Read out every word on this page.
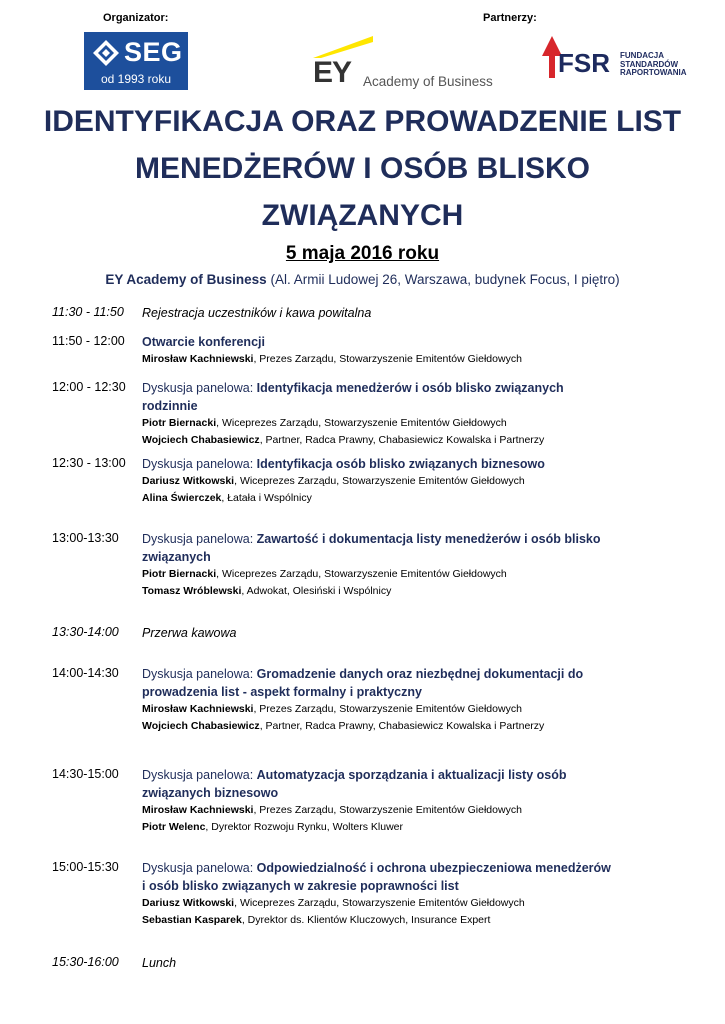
Organizator:	Partnerzy:
SEG
od 1993 roku	EY Academy of Business
FSR FUNDACJA
STANDARDÓW
RAPORTOWANIA
IDENTYFIKACJA ORAZ PROWADZENIE LIST MENEDŻERÓW I OSÓB BLISKO ZWIĄZANYCH
5 maja 2016 roku
EY Academy of Business (Al. Armii Ludowej 26, Warszawa, budynek Focus, I piętro)
11:30 - 11:50 Rejestracja uczestników i kawa powitalna
11:50 - 12:00 Otwarcie konferencji
Mirosław Kachniewski, Prezes Zarządu, Stowarzyszenie Emitentów Giełdowych
12:00 - 12:30 Dyskusja panelowa: Identyfikacja menedżerów i osób blisko związanych rodzinnie
Piotr Biernacki, Wiceprezes Zarządu, Stowarzyszenie Emitentów Giełdowych
Wojciech Chabasiewicz, Partner, Radca Prawny, Chabasiewicz Kowalska i Partnerzy
12:30 - 13:00 Dyskusja panelowa: Identyfikacja osób blisko związanych biznesowo
Dariusz Witkowski, Wiceprezes Zarządu, Stowarzyszenie Emitentów Giełdowych
Alina Świerczek, Łatała i Wspólnicy
13:00-13:30 Dyskusja panelowa: Zawartość i dokumentacja listy menedżerów i osób blisko związanych
Piotr Biernacki, Wiceprezes Zarządu, Stowarzyszenie Emitentów Giełdowych
Tomasz Wróblewski, Adwokat, Olesiński i Wspólnicy
13:30-14:00 Przerwa kawowa
14:00-14:30 Dyskusja panelowa: Gromadzenie danych oraz niezbędnej dokumentacji do prowadzenia list - aspekt formalny i praktyczny
Mirosław Kachniewski, Prezes Zarządu, Stowarzyszenie Emitentów Giełdowych
Wojciech Chabasiewicz, Partner, Radca Prawny, Chabasiewicz Kowalska i Partnerzy
14:30-15:00 Dyskusja panelowa: Automatyzacja sporządzania i aktualizacji listy osób związanych biznesowo
Mirosław Kachniewski, Prezes Zarządu, Stowarzyszenie Emitentów Giełdowych
Piotr Welenc, Dyrektor Rozwoju Rynku, Wolters Kluwer
15:00-15:30 Dyskusja panelowa: Odpowiedzialność i ochrona ubezpieczeniowa menedżerów i osób blisko związanych w zakresie poprawności list
Dariusz Witkowski, Wiceprezes Zarządu, Stowarzyszenie Emitentów Giełdowych
Sebastian Kasparek, Dyrektor ds. Klientów Kluczowych, Insurance Expert
15:30-16:00 Lunch
